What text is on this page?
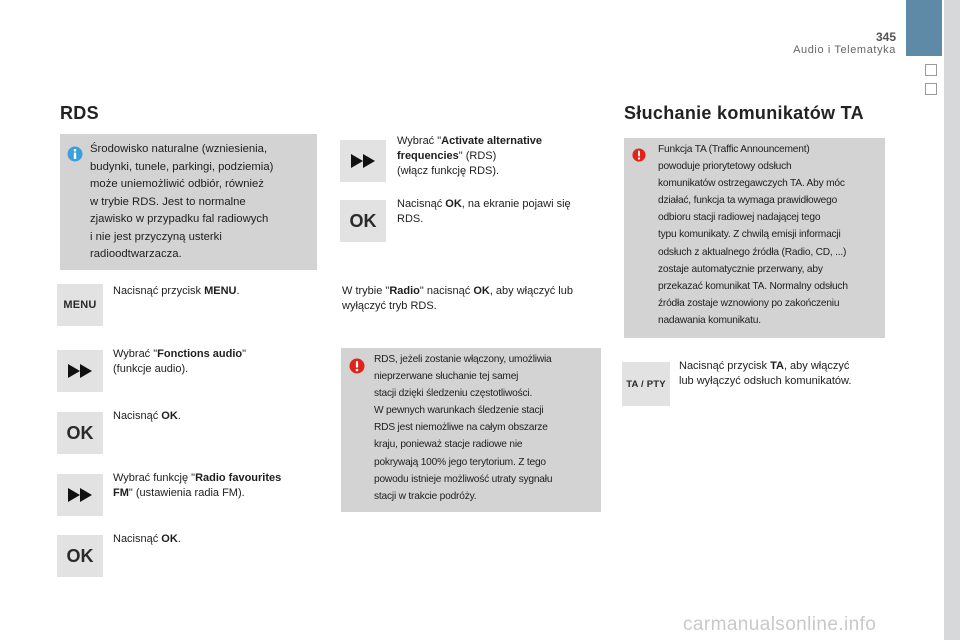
345
Audio i Telematyka
RDS
Środowisko naturalne (wzniesienia,
budynki, tunele, parkingi, podziemia)
może uniemożliwić odbiór, również
w trybie RDS. Jest to normalne
zjawisko w przypadku fal radiowych
i nie jest przyczyną usterki
radioodtwarzacza.
MENU
Nacisnąć przycisk MENU.
Wybrać "Fonctions audio"
(funkcje audio).
OK
Nacisnąć OK.
Wybrać funkcję "Radio favourites
FM" (ustawienia radia FM).
OK
Nacisnąć OK.
Wybrać "Activate alternative
frequencies" (RDS)
(włącz funkcję RDS).
OK
Nacisnąć OK, na ekranie pojawi się
RDS.
W trybie "Radio" nacisnąć OK, aby włączyć lub
wyłączyć tryb RDS.
RDS, jeżeli zostanie włączony, umożliwia
nieprzerwane słuchanie tej samej
stacji dzięki śledzeniu częstotliwości.
W pewnych warunkach śledzenie stacji
RDS jest niemożliwe na całym obszarze
kraju, ponieważ stacje radiowe nie
pokrywają 100% jego terytorium. Z tego
powodu istnieje możliwość utraty sygnału
stacji w trakcie podróży.
Słuchanie komunikatów TA
Funkcja TA (Traffic Announcement)
powoduje priorytetowy odsłuch
komunikatów ostrzegawczych TA. Aby móc
działać, funkcja ta wymaga prawidłowego
odbioru stacji radiowej nadającej tego
typu komunikaty. Z chwilą emisji informacji
odsłuch z aktualnego źródła (Radio, CD, ...)
zostaje automatycznie przerwany, aby
przekazać komunikat TA. Normalny odsłuch
źródła zostaje wznowiony po zakończeniu
nadawania komunikatu.
TA / PTY
Nacisnąć przycisk TA, aby włączyć
lub wyłączyć odsłuch komunikatów.
carmanualsonline.info
